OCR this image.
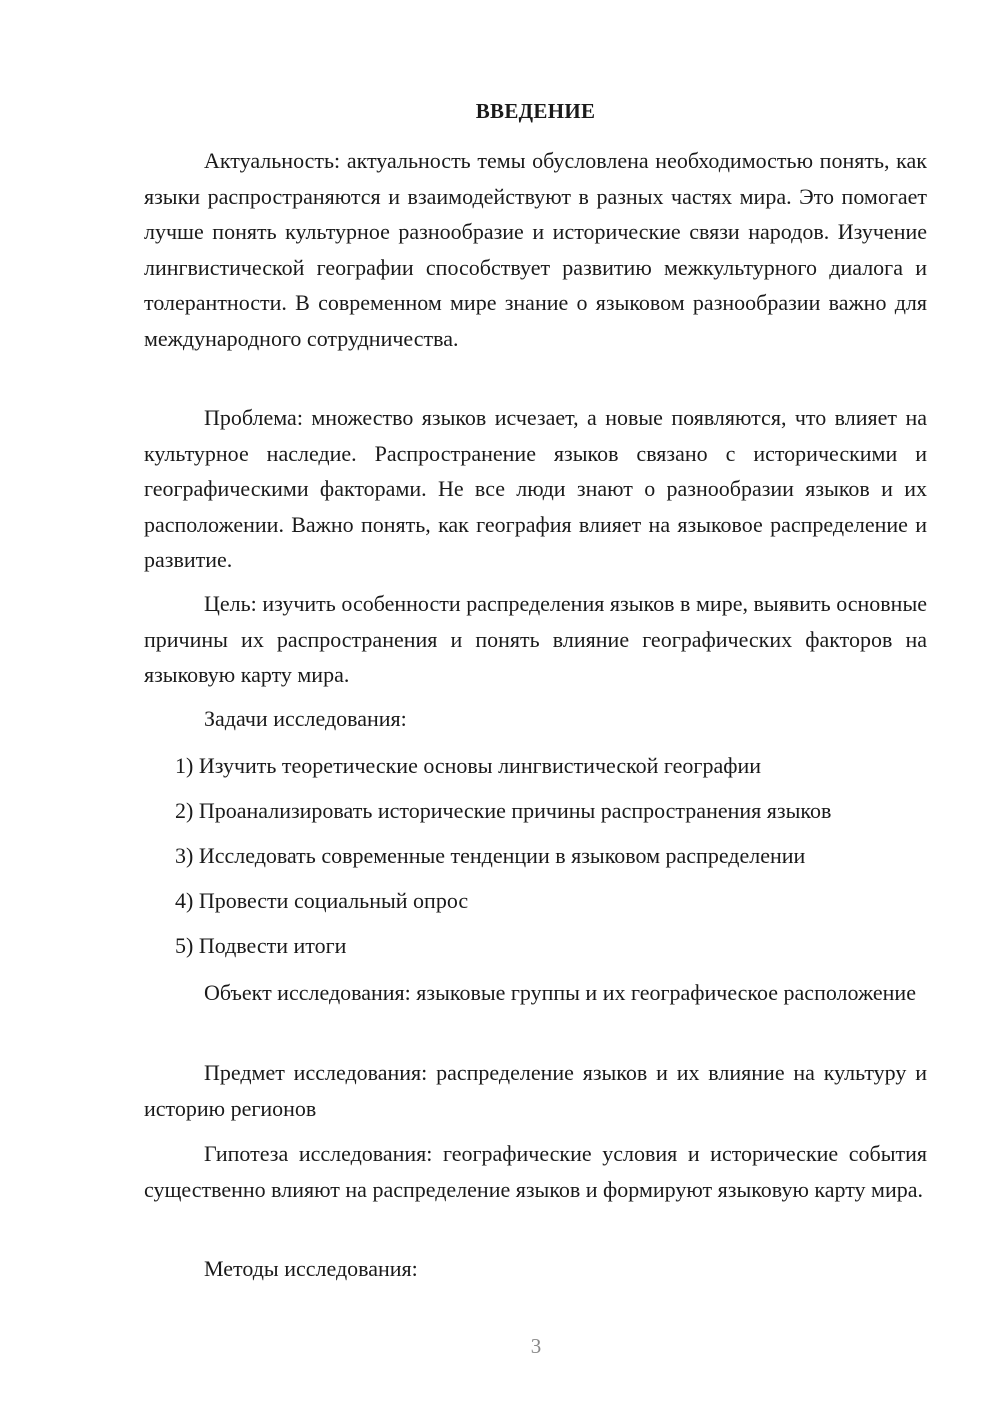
ВВЕДЕНИЕ

Актуальность: актуальность темы обусловлена необходимостью понять, как языки распространяются и взаимодействуют в разных частях мира. Это помогает лучше понять культурное разнообразие и исторические связи народов. Изучение лингвистической географии способствует развитию межкультурного диалога и толерантности. В современном мире знание о языковом разнообразии важно для международного сотрудничества.

Проблема: множество языков исчезает, а новые появляются, что влияет на культурное наследие. Распространение языков связано с историческими и географическими факторами. Не все люди знают о разнообразии языков и их расположении. Важно понять, как география влияет на языковое распределение и развитие.

Цель: изучить особенности распределения языков в мире, выявить основные причины их распространения и понять влияние географических факторов на языковую карту мира.

Задачи исследования:

1) Изучить теоретические основы лингвистической географии

2) Проанализировать исторические причины распространения языков

3) Исследовать современные тенденции в языковом распределении

4) Провести социальный опрос

5) Подвести итоги

Объект исследования: языковые группы и их географическое расположение

Предмет исследования: распределение языков и их влияние на культуру и историю регионов

Гипотеза исследования: географические условия и исторические события существенно влияют на распределение языков и формируют языковую карту мира.

Методы исследования:

3
